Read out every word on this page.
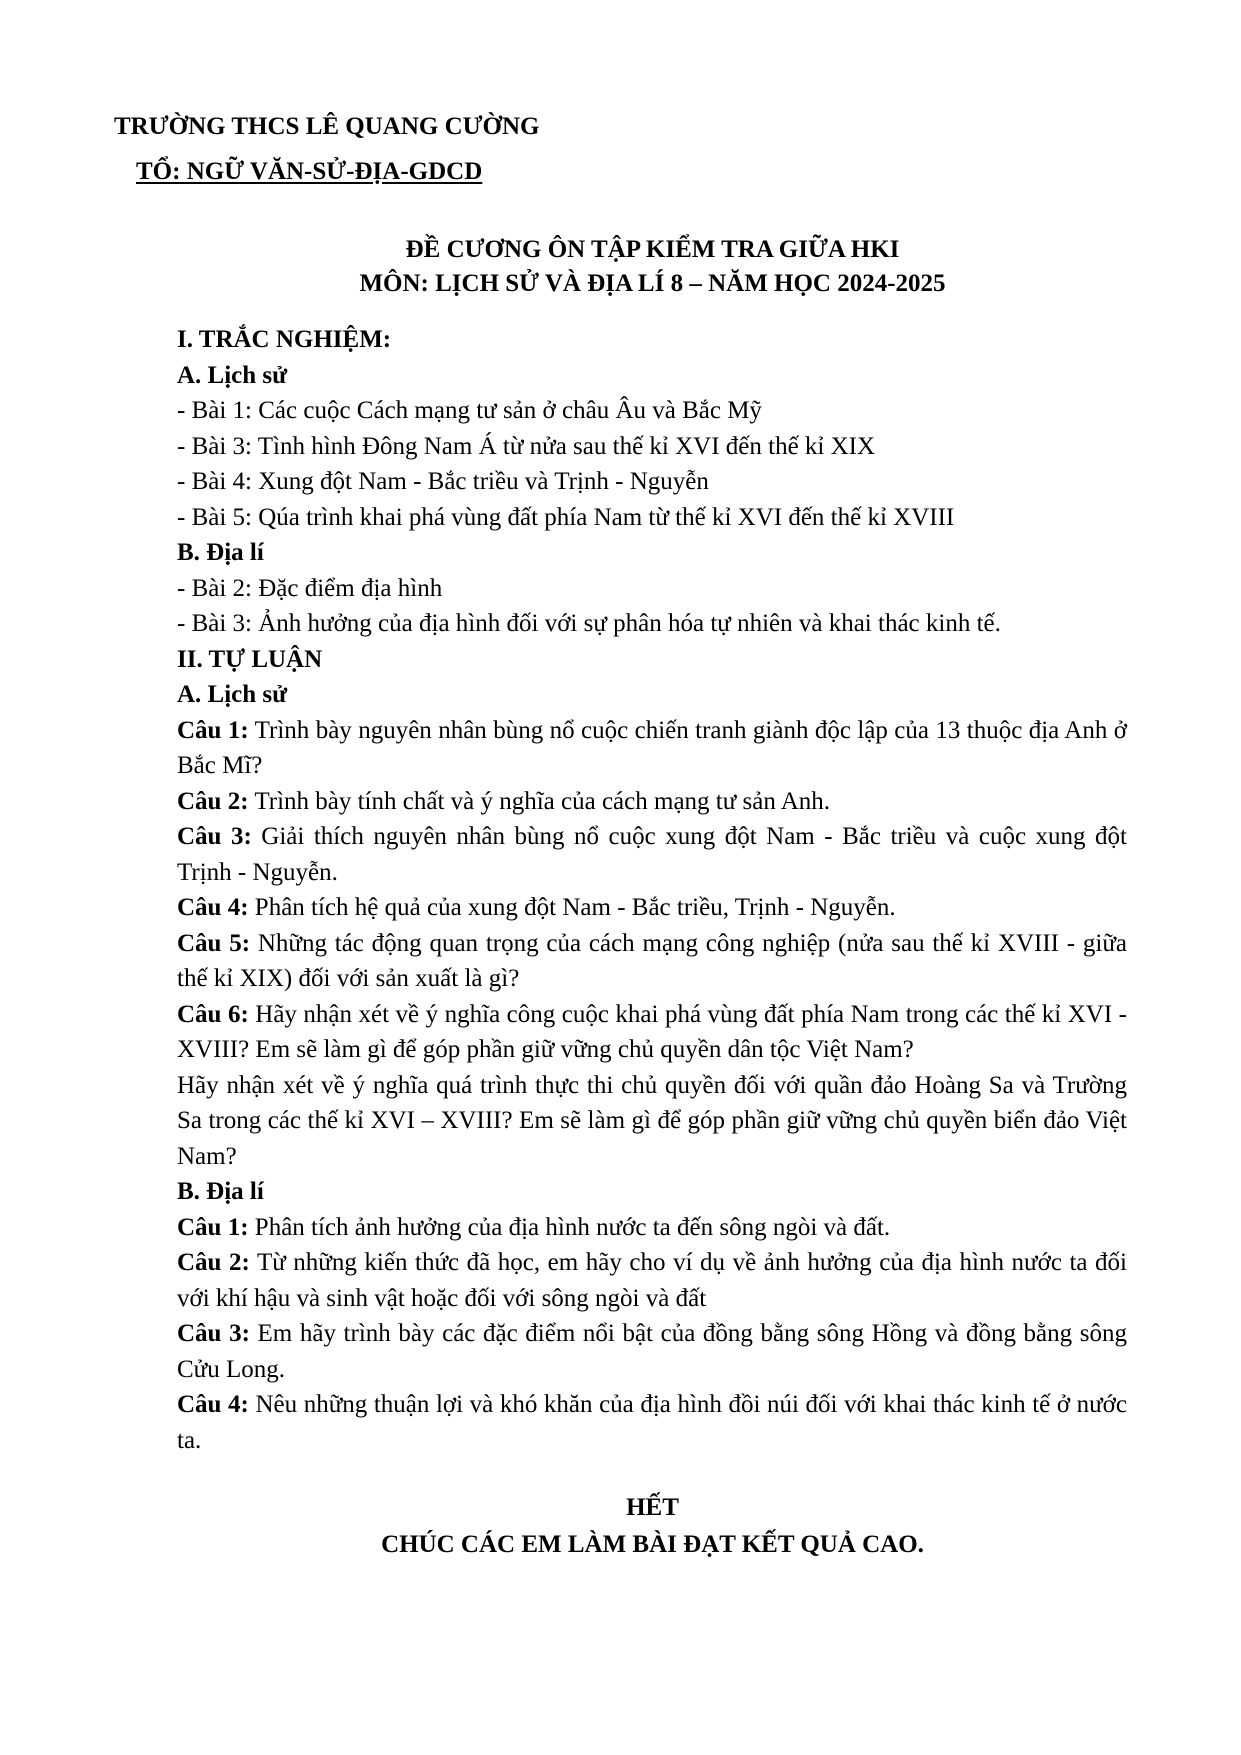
TRƯỜNG THCS LÊ QUANG CƯỜNG
TỔ: NGỮ VĂN-SỬ-ĐỊA-GDCD
ĐỀ CƯƠNG ÔN TẬP KIỂM TRA GIỮA HKI
MÔN: LỊCH SỬ VÀ ĐỊA LÍ 8 – NĂM HỌC 2024-2025

I. TRẮC NGHIỆM:

A. Lịch sử

- Bài 1: Các cuộc Cách mạng tư sản ở châu Âu và Bắc Mỹ

- Bài 3: Tình hình Đông Nam Á từ nửa sau thế kỉ XVI đến thế kỉ XIX

- Bài 4: Xung đột Nam - Bắc triều và Trịnh - Nguyễn

- Bài 5: Qúa trình khai phá vùng đất phía Nam từ thế kỉ XVI đến thế kỉ XVIII

B. Địa lí

- Bài 2: Đặc điểm địa hình

- Bài 3: Ảnh hưởng của địa hình đối với sự phân hóa tự nhiên và khai thác kinh tế.

II. TỰ LUẬN

A. Lịch sử

Câu 1: Trình bày nguyên nhân bùng nổ cuộc chiến tranh giành độc lập của 13 thuộc địa Anh ở Bắc Mĩ?

Câu 2: Trình bày tính chất và ý nghĩa của cách mạng tư sản Anh.

Câu 3: Giải thích nguyên nhân bùng nổ cuộc xung đột Nam - Bắc triều và cuộc xung đột Trịnh - Nguyễn.

Câu 4: Phân tích hệ quả của xung đột Nam - Bắc triều, Trịnh - Nguyễn.

Câu 5: Những tác động quan trọng của cách mạng công nghiệp (nửa sau thế kỉ XVIII - giữa thế kỉ XIX) đối với sản xuất là gì?

Câu 6: Hãy nhận xét về ý nghĩa công cuộc khai phá vùng đất phía Nam trong các thế kỉ XVI - XVIII? Em sẽ làm gì để góp phần giữ vững chủ quyền dân tộc Việt Nam?

Hãy nhận xét về ý nghĩa quá trình thực thi chủ quyền đối với quần đảo Hoàng Sa và Trường Sa trong các thế kỉ XVI – XVIII? Em sẽ làm gì để góp phần giữ vững chủ quyền biển đảo Việt Nam?

B. Địa lí

Câu 1: Phân tích ảnh hưởng của địa hình nước ta đến sông ngòi và đất.

Câu 2: Từ những kiến thức đã học, em hãy cho ví dụ về ảnh hưởng của địa hình nước ta đối với khí hậu và sinh vật hoặc đối với sông ngòi và đất

Câu 3: Em hãy trình bày các đặc điểm nổi bật của đồng bằng sông Hồng và đồng bằng sông Cửu Long.

Câu 4: Nêu những thuận lợi và khó khăn của địa hình đồi núi đối với khai thác kinh tế ở nước ta.

HẾT
CHÚC CÁC EM LÀM BÀI ĐẠT KẾT QUẢ CAO.
